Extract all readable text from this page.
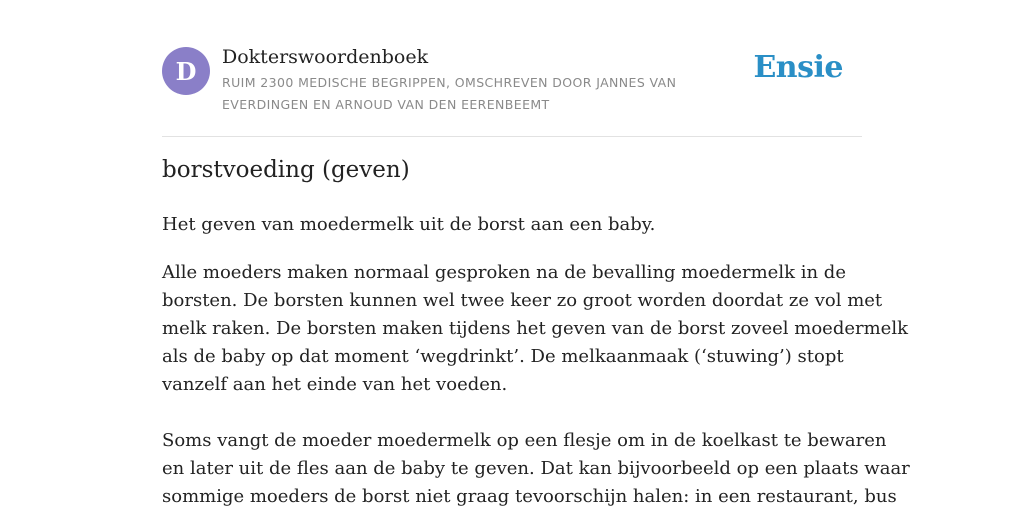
D	Dokterswoordenboek
RUIM 2300 MEDISCHE BEGRIPPEN, OMSCHREVEN DOOR JANNES VAN
EVERDINGEN EN ARNOUD VAN DEN EERENBEEMT
Ensie
borstvoeding (geven)

Het geven van moedermelk uit de borst aan een baby.

Alle moeders maken normaal gesproken na de bevalling moedermelk in de
borsten. De borsten kunnen wel twee keer zo groot worden doordat ze vol met
melk raken. De borsten maken tijdens het geven van de borst zoveel moedermelk
als de baby op dat moment ‘wegdrinkt’. De melkaanmaak (‘stuwing’) stopt
vanzelf aan het einde van het voeden.

Soms vangt de moeder moedermelk op een flesje om in de koelkast te bewaren
en later uit de fles aan de baby te geven. Dat kan bijvoorbeeld op een plaats waar
sommige moeders de borst niet graag tevoorschijn halen: in een restaurant, bus
